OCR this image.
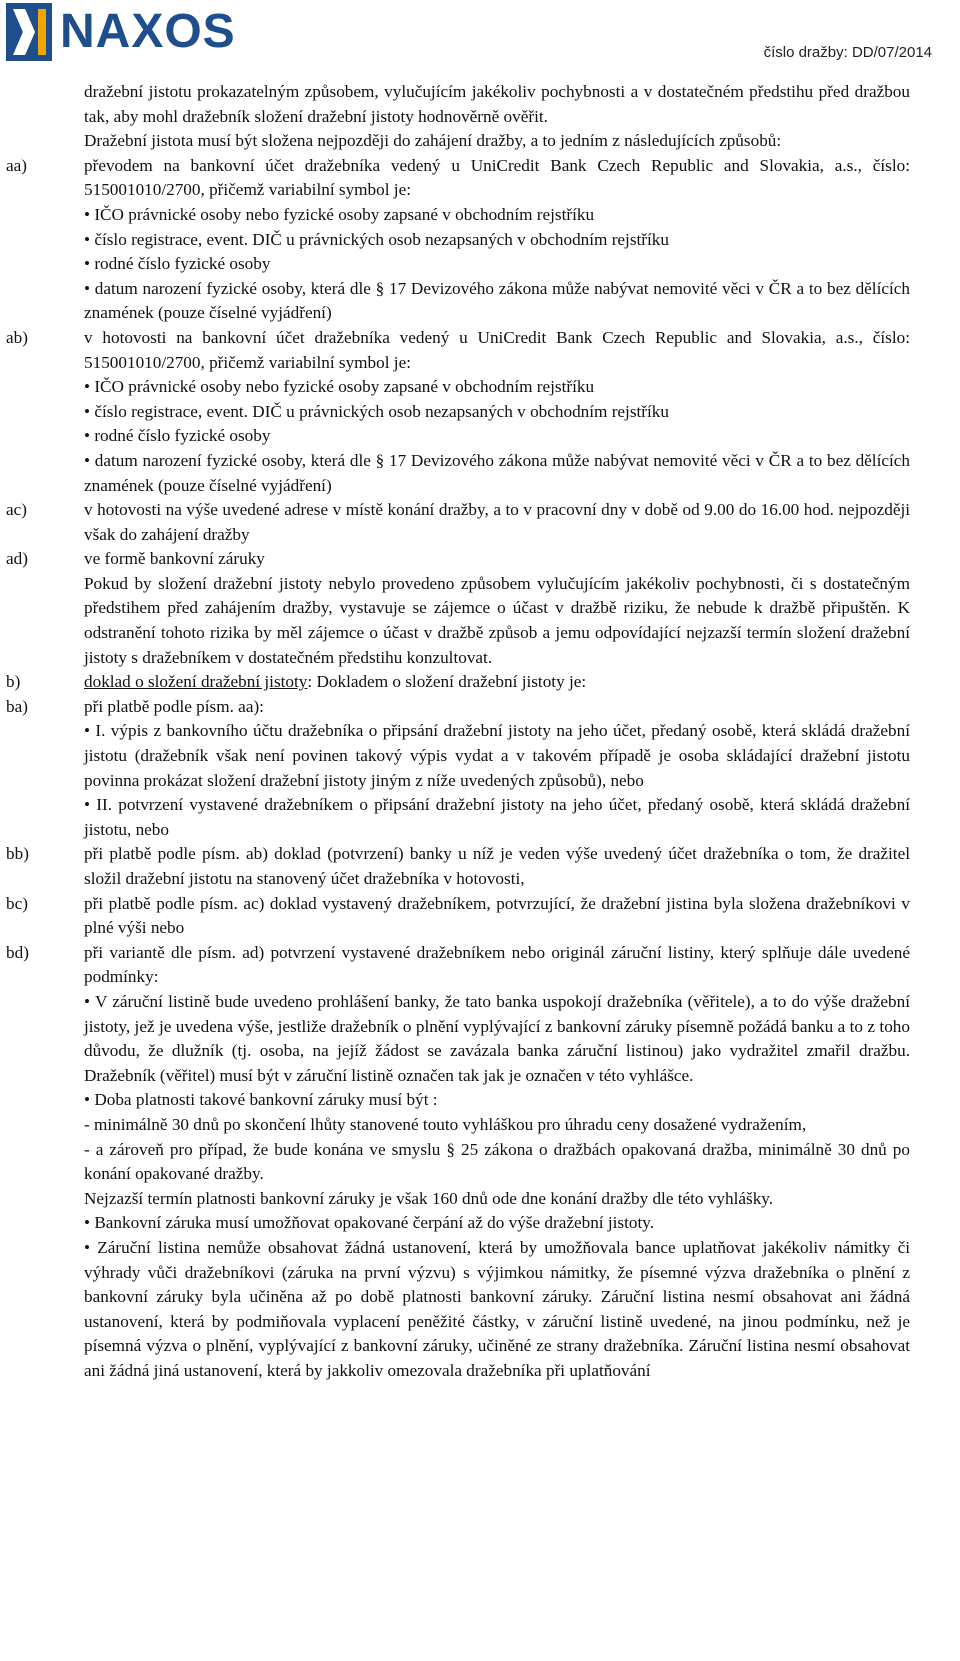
NAXOS	číslo dražby: DD/07/2014
dražební jistotu prokazatelným způsobem, vylučujícím jakékoliv pochybnosti a v dostatečném předstihu před dražbou tak, aby mohl dražebník složení dražební jistoty hodnověrně ověřit.
Dražební jistota musí být složena nejpozději do zahájení dražby, a to jedním z následujících způsobů:
aa)	převodem na bankovní účet dražebníka vedený u UniCredit Bank Czech Republic and Slovakia, a.s., číslo: 515001010/2700, přičemž variabilní symbol je:
• IČO právnické osoby nebo fyzické osoby zapsané v obchodním rejstříku
• číslo registrace, event. DIČ u právnických osob nezapsaných v obchodním rejstříku
• rodné číslo fyzické osoby
• datum narození fyzické osoby, která dle § 17 Devizového zákona může nabývat nemovité věci v ČR a to bez dělících znamének (pouze číselné vyjádření)
ab)	v hotovosti na bankovní účet dražebníka vedený u UniCredit Bank Czech Republic and Slovakia, a.s., číslo: 515001010/2700, přičemž variabilní symbol je:
• IČO právnické osoby nebo fyzické osoby zapsané v obchodním rejstříku
• číslo registrace, event. DIČ u právnických osob nezapsaných v obchodním rejstříku
• rodné číslo fyzické osoby
• datum narození fyzické osoby, která dle § 17 Devizového zákona může nabývat nemovité věci v ČR a to bez dělících znamének (pouze číselné vyjádření)
ac)	v hotovosti na výše uvedené adrese v místě konání dražby, a to v pracovní dny v době od 9.00 do 16.00 hod. nejpozději však do zahájení dražby
ad)	ve formě bankovní záruky
Pokud by složení dražební jistoty nebylo provedeno způsobem vylučujícím jakékoliv pochybnosti, či s dostatečným předstihem před zahájením dražby, vystavuje se zájemce o účast v dražbě riziku, že nebude k dražbě připuštěn. K odstranění tohoto rizika by měl zájemce o účast v dražbě způsob a jemu odpovídající nejzazší termín složení dražební jistoty s dražebníkem v dostatečném předstihu konzultovat.
b)	doklad o složení dražební jistoty: Dokladem o složení dražební jistoty je:
ba)	při platbě podle písm. aa):
• I. výpis z bankovního účtu dražebníka o připsání dražební jistoty na jeho účet, předaný osobě, která skládá dražební jistotu (dražebník však není povinen takový výpis vydat a v takovém případě je osoba skládající dražební jistotu povinna prokázat složení dražební jistoty jiným z níže uvedených způsobů), nebo
• II. potvrzení vystavené dražebníkem o připsání dražební jistoty na jeho účet, předaný osobě, která skládá dražební jistotu, nebo
bb)	při platbě podle písm. ab) doklad (potvrzení) banky u níž je veden výše uvedený účet dražebníka o tom, že dražitel složil dražební jistotu na stanovený účet dražebníka v hotovosti,
bc)	při platbě podle písm. ac) doklad vystavený dražebníkem, potvrzující, že dražební jistina byla složena dražebníkovi v plné výši nebo
bd)	při variantě dle písm. ad) potvrzení vystavené dražebníkem nebo originál záruční listiny, který splňuje dále uvedené podmínky:
• V záruční listině bude uvedeno prohlášení banky, že tato banka uspokojí dražebníka (věřitele), a to do výše dražební jistoty, jež je uvedena výše, jestliže dražebník o plnění vyplývající z bankovní záruky písemně požádá banku a to z toho důvodu, že dlužník (tj. osoba, na jejíž žádost se zavázala banka záruční listinou) jako vydražitel zmařil dražbu. Dražebník (věřitel) musí být v záruční listině označen tak jak je označen v této vyhlášce.
• Doba platnosti takové bankovní záruky musí být :
- minimálně 30 dnů po skončení lhůty stanovené touto vyhláškou pro úhradu ceny dosažené vydražením,
- a zároveň pro případ, že bude konána ve smyslu § 25 zákona o dražbách opakovaná dražba, minimálně 30 dnů po konání opakované dražby.
Nejzazší termín platnosti bankovní záruky je však 160 dnů ode dne konání dražby dle této vyhlášky.
• Bankovní záruka musí umožňovat opakované čerpání až do výše dražební jistoty.
• Záruční listina nemůže obsahovat žádná ustanovení, která by umožňovala bance uplatňovat jakékoliv námitky či výhrady vůči dražebníkovi (záruka na první výzvu) s výjimkou námitky, že písemné výzva dražebníka o plnění z bankovní záruky byla učiněna až po době platnosti bankovní záruky. Záruční listina nesmí obsahovat ani žádná ustanovení, která by podmiňovala vyplacení peněžité částky, v záruční listině uvedené, na jinou podmínku, než je písemná výzva o plnění, vyplývající z bankovní záruky, učiněné ze strany dražebníka. Záruční listina nesmí obsahovat ani žádná jiná ustanovení, která by jakkoliv omezovala dražebníka při uplatňování
